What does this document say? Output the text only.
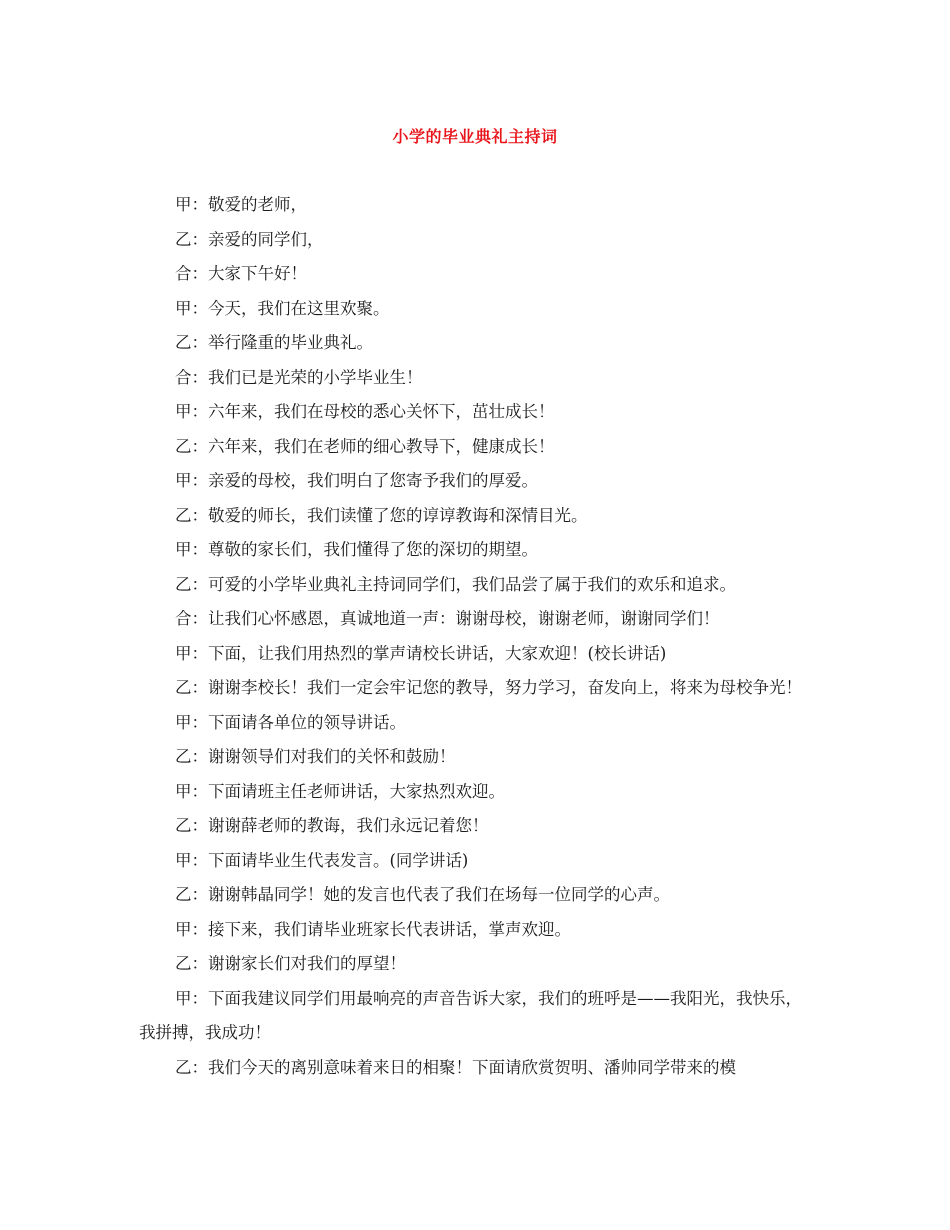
小学的毕业典礼主持词

甲：敬爱的老师，

乙：亲爱的同学们，

合：大家下午好！

甲：今天，我们在这里欢聚。

乙：举行隆重的毕业典礼。

合：我们已是光荣的小学毕业生！

甲：六年来，我们在母校的悉心关怀下，茁壮成长！

乙：六年来，我们在老师的细心教导下，健康成长！

甲：亲爱的母校，我们明白了您寄予我们的厚爱。

乙：敬爱的师长，我们读懂了您的谆谆教诲和深情目光。

甲：尊敬的家长们，我们懂得了您的深切的期望。

乙：可爱的小学毕业典礼主持词同学们，我们品尝了属于我们的欢乐和追求。

合：让我们心怀感恩，真诚地道一声：谢谢母校，谢谢老师，谢谢同学们！

甲：下面，让我们用热烈的掌声请校长讲话，大家欢迎！(校长讲话)

乙：谢谢李校长！我们一定会牢记您的教导，努力学习，奋发向上，将来为母校争光！

甲：下面请各单位的领导讲话。

乙：谢谢领导们对我们的关怀和鼓励！

甲：下面请班主任老师讲话，大家热烈欢迎。

乙：谢谢薛老师的教诲，我们永远记着您！

甲：下面请毕业生代表发言。(同学讲话)

乙：谢谢韩晶同学！她的发言也代表了我们在场每一位同学的心声。

甲：接下来，我们请毕业班家长代表讲话，掌声欢迎。

乙：谢谢家长们对我们的厚望！

甲：下面我建议同学们用最响亮的声音告诉大家，我们的班呼是——我阳光，我快乐，我拼搏，我成功！

乙：我们今天的离别意味着来日的相聚！下面请欣赏贺明、潘帅同学带来的模
